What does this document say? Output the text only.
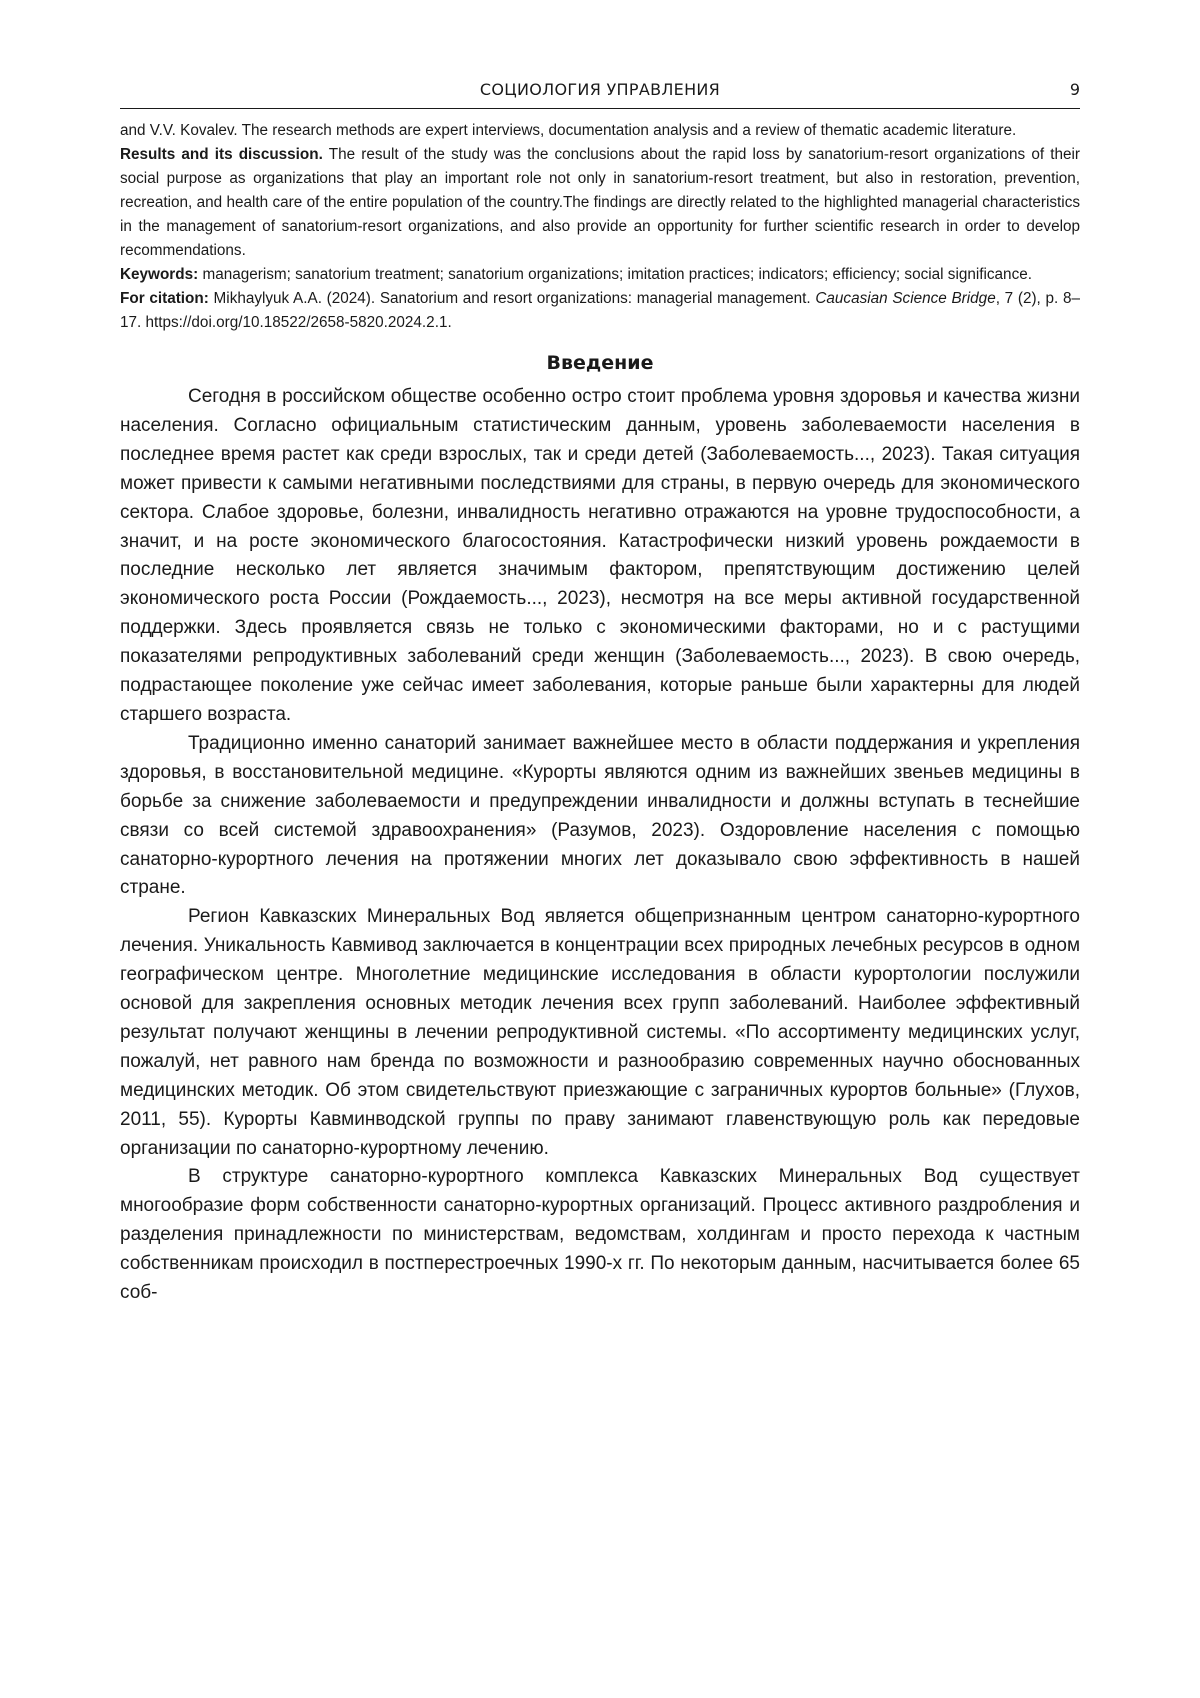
СОЦИОЛОГИЯ УПРАВЛЕНИЯ	9

and V.V. Kovalev. The research methods are expert interviews, documentation analysis and a review of thematic academic literature.

Results and its discussion. The result of the study was the conclusions about the rapid loss by sanatorium-resort organizations of their social purpose as organizations that play an important role not only in sanatorium-resort treatment, but also in restoration, prevention, recreation, and health care of the entire population of the country.The findings are directly related to the highlighted managerial characteristics in the management of sanatorium-resort organizations, and also provide an opportunity for further scientific research in order to develop recommendations.

Keywords: managerism; sanatorium treatment; sanatorium organizations; imitation practices; indicators; efficiency; social significance.

For citation: Mikhaylyuk A.A. (2024). Sanatorium and resort organizations: managerial management. Caucasian Science Bridge, 7 (2), p. 8–17. https://doi.org/10.18522/2658-5820.2024.2.1.

Введение

Сегодня в российском обществе особенно остро стоит проблема уровня здоровья и качества жизни населения. Согласно официальным статистическим данным, уровень заболеваемости населения в последнее время растет как среди взрослых, так и среди детей (Заболеваемость..., 2023). Такая ситуация может привести к самыми негативными последствиями для страны, в первую очередь для экономического сектора. Слабое здоровье, болезни, инвалидность негативно отражаются на уровне трудоспособности, а значит, и на росте экономического благосостояния. Катастрофически низкий уровень рождаемости в последние несколько лет является значимым фактором, препятствующим достижению целей экономического роста России (Рождаемость..., 2023), несмотря на все меры активной государственной поддержки. Здесь проявляется связь не только с экономическими факторами, но и с растущими показателями репродуктивных заболеваний среди женщин (Заболеваемость..., 2023). В свою очередь, подрастающее поколение уже сейчас имеет заболевания, которые раньше были характерны для людей старшего возраста.

Традиционно именно санаторий занимает важнейшее место в области поддержания и укрепления здоровья, в восстановительной медицине. «Курорты являются одним из важнейших звеньев медицины в борьбе за снижение заболеваемости и предупреждении инвалидности и должны вступать в теснейшие связи со всей системой здравоохранения» (Разумов, 2023). Оздоровление населения с помощью санаторно-курортного лечения на протяжении многих лет доказывало свою эффективность в нашей стране.

Регион Кавказских Минеральных Вод является общепризнанным центром санаторно-курортного лечения. Уникальность Кавмивод заключается в концентрации всех природных лечебных ресурсов в одном географическом центре. Многолетние медицинские исследования в области курортологии послужили основой для закрепления основных методик лечения всех групп заболеваний. Наиболее эффективный результат получают женщины в лечении репродуктивной системы. «По ассортименту медицинских услуг, пожалуй, нет равного нам бренда по возможности и разнообразию современных научно обоснованных медицинских методик. Об этом свидетельствуют приезжающие с заграничных курортов больные» (Глухов, 2011, 55). Курорты Кавминводской группы по праву занимают главенствующую роль как передовые организации по санаторно-курортному лечению.

В структуре санаторно-курортного комплекса Кавказских Минеральных Вод существует многообразие форм собственности санаторно-курортных организаций. Процесс активного раздробления и разделения принадлежности по министерствам, ведомствам, холдингам и просто перехода к частным собственникам происходил в постперестроечных 1990-х гг. По некоторым данным, насчитывается более 65 соб-
